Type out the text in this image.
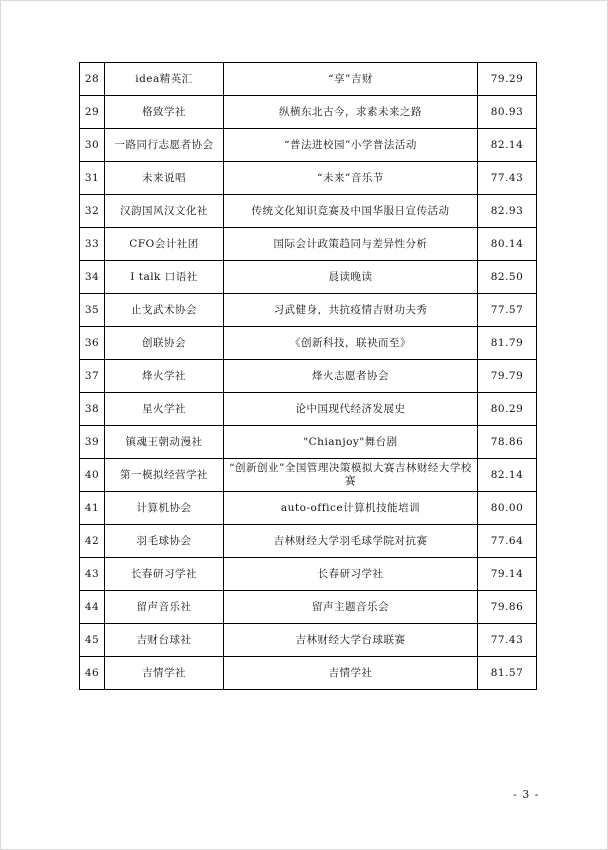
28	idea精英汇	“享”吉财	79.29
29	格致学社	纵横东北古今，求素未来之路	80.93
30	一路同行志愿者协会	“普法进校园”小学普法活动	82.14
31	未来说唱	“未来”音乐节	77.43
32	汉韵国风汉文化社	传统文化知识竞赛及中国华服日宣传活动	82.93
33	CFO会计社团	国际会计政策趋同与差异性分析	80.14
34	I talk 口语社	晨读晚读	82.50
35	止戈武术协会	习武健身，共抗疫情吉财功夫秀	77.57
36	创联协会	《创新科技，联袂而至》	81.79
37	烽火学社	烽火志愿者协会	79.79
38	星火学社	论中国现代经济发展史	80.29
39	镇魂王朝动漫社	"Chianjoy"舞台剧	78.86
40	第一模拟经营学社	“创新创业”全国管理决策模拟大赛吉林财经大学校赛	82.14
41	计算机协会	auto-office计算机技能培训	80.00
42	羽毛球协会	吉林财经大学羽毛球学院对抗赛	77.64
43	长春研习学社	长春研习学社	79.14
44	留声音乐社	留声主题音乐会	79.86
45	吉财台球社	吉林财经大学台球联赛	77.43
46	吉情学社	吉情学社	81.57
- 3 -
